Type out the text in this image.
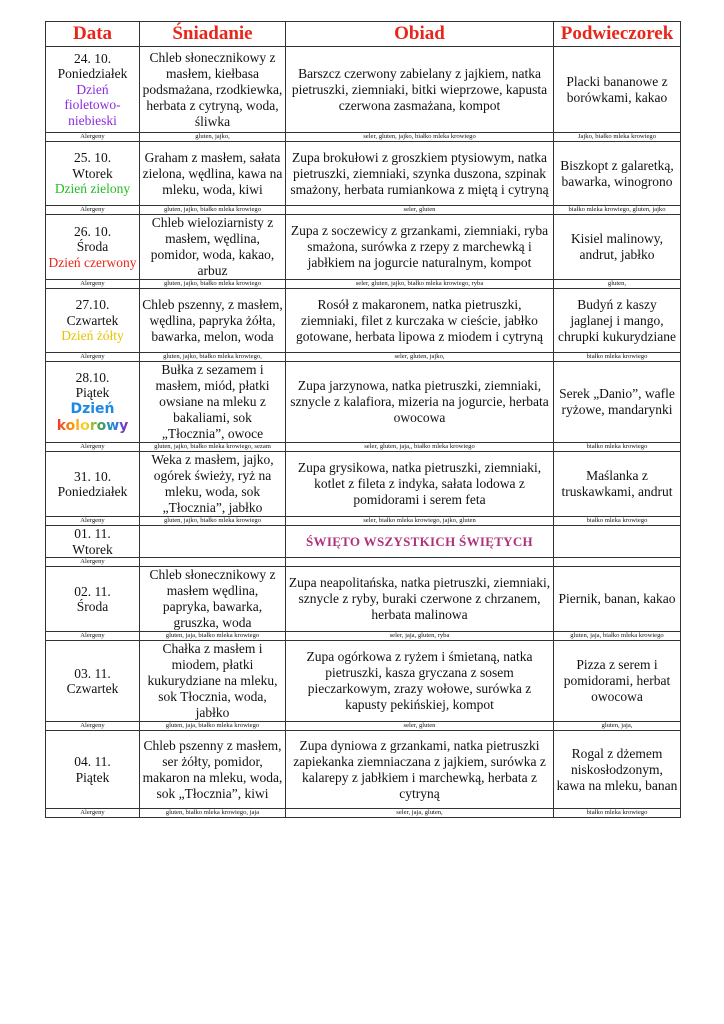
Data	Śniadanie	Obiad	Podwieczorek
24. 10.
Poniedziałek
Dzień fioletowo-niebieski	Chleb słonecznikowy z masłem, kiełbasa podsmażana, rzodkiewka, herbata z cytryną, woda, śliwka	Barszcz czerwony zabielany z jajkiem, natka pietruszki, ziemniaki, bitki wieprzowe, kapusta czerwona zasmażana, kompot	Placki bananowe z borówkami, kakao
Alergeny	gluten, jajko,	seler, gluten, jajko, białko mleka krowiego	Jajko, białko mleka krowiego
25. 10.
Wtorek
Dzień zielony	Graham z masłem, sałata zielona, wędlina, kawa na mleku, woda, kiwi	Zupa brokułowi z groszkiem ptysiowym, natka pietruszki, ziemniaki, szynka duszona, szpinak smażony, herbata rumiankowa z miętą i cytryną	Biszkopt z galaretką, bawarka, winogrono
Alergeny	gluten, jajko, białko mleka krowiego	seler, gluten	białko mleka krowiego, gluten, jajko
26. 10.
Środa
Dzień czerwony	Chleb wieloziarnisty z masłem, wędlina, pomidor, woda, kakao, arbuz	Zupa z soczewicy z grzankami, ziemniaki, ryba smażona, surówka z rzepy z marchewką i jabłkiem na jogurcie naturalnym, kompot	Kisiel malinowy, andrut, jabłko
Alergeny	gluten, jajko, białko mleka krowiego	seler, gluten, jajko, białko mleka krowiego, ryba	gluten,
27.10.
Czwartek
Dzień żółty	Chleb pszenny, z masłem, wędlina, papryka żółta, bawarka, melon, woda	Rosół z makaronem, natka pietruszki, ziemniaki, filet z kurczaka w cieście, jabłko gotowane, herbata lipowa z miodem i cytryną	Budyń z kaszy jaglanej i mango, chrupki kukurydziane
Alergeny	gluten, jajko, białko mleka krowiego,	seler, gluten, jajko,	białko mleka krowiego
28.10.
Piątek
Dzień
kolorowy	Bułka z sezamem i masłem, miód, płatki owsiane na mleku z bakaliami, sok „Tłocznia”, owoce	Zupa jarzynowa, natka pietruszki, ziemniaki, sznycle z kalafiora, mizeria na jogurcie, herbata owocowa	Serek „Danio”, wafle ryżowe, mandarynki
Alergeny	gluten, jajko, białko mleka krowiego, sezam	seler, gluten, jaja,, białko mleka krowiego	białko mleka krowiego
31. 10.
Poniedziałek	Weka z masłem, jajko, ogórek świeży, ryż na mleku, woda, sok „Tłocznia”, jabłko	Zupa grysikowa, natka pietruszki, ziemniaki, kotlet z fileta z indyka, sałata lodowa z pomidorami i serem feta	Maślanka z truskawkami, andrut
Alergeny	gluten, jajko, białko mleka krowiego	seler, białko mleka krowiego, jajko, gluten	białko mleka krowiego
01. 11.
Wtorek		ŚWIĘTO WSZYSTKICH ŚWIĘTYCH	
Alergeny			
02. 11.
Środa	Chleb słonecznikowy z masłem wędlina, papryka, bawarka, gruszka, woda	Zupa neapolitańska, natka pietruszki, ziemniaki, sznycle z ryby, buraki czerwone z chrzanem, herbata malinowa	Piernik, banan, kakao
Alergeny	gluten, jaja, białko mleka krowiego	seler, jaja, gluten, ryba	gluten, jaja, białko mleka krowiego
03. 11.
Czwartek	Chałka z masłem i miodem, płatki kukurydziane na mleku, sok Tłocznia, woda, jabłko	Zupa ogórkowa z ryżem i śmietaną, natka pietruszki, kasza gryczana z sosem pieczarkowym, zrazy wołowe, surówka z kapusty pekińskiej, kompot	Pizza z serem i pomidorami, herbat owocowa
Alergeny	gluten, jaja, białko mleka krowiego	seler, gluten	gluten, jaja,
04. 11.
Piątek	Chleb pszenny z masłem, ser żółty, pomidor, makaron na mleku, woda, sok „Tłocznia”, kiwi	Zupa dyniowa z grzankami, natka pietruszki zapiekanka ziemniaczana z jajkiem, surówka z kalarepy z jabłkiem i marchewką, herbata z cytryną	Rogal z dżemem niskosłodzonym, kawa na mleku, banan
Alergeny	gluten, białko mleka krowiego, jaja	seler, jaja, gluten,	białko mleka krowiego
